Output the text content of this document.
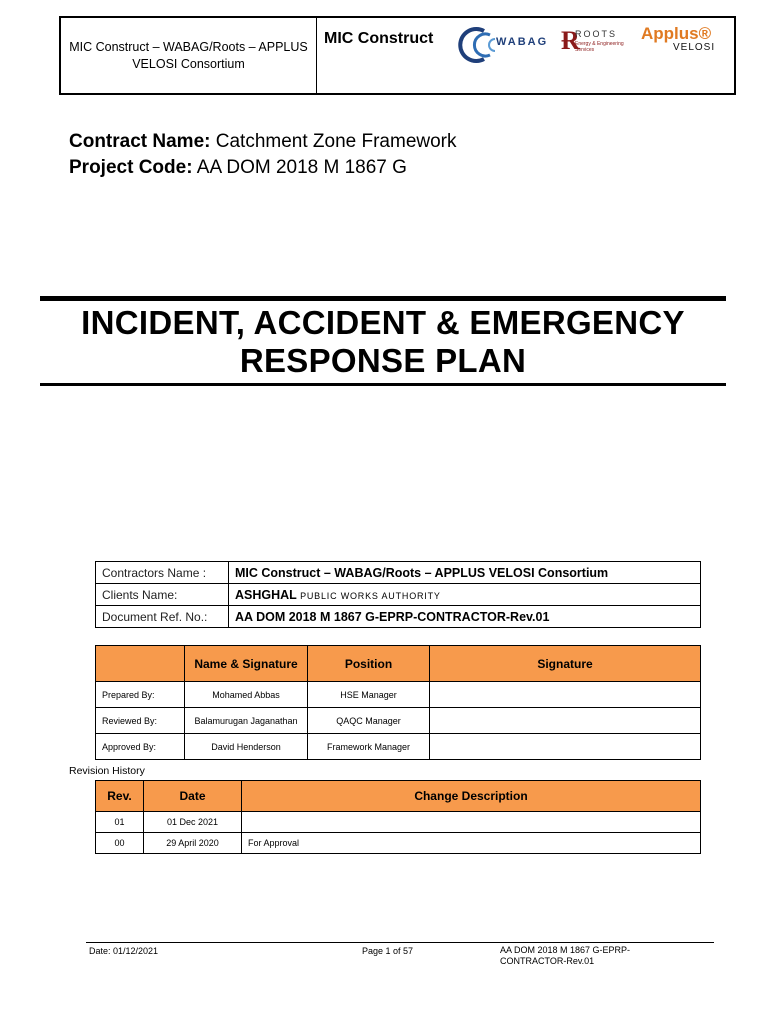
MIC Construct – WABAG/Roots – APPLUS VELOSI Consortium
MIC Construct	WABAG Ɍ
ROOTS
Energy & Engineering Services
Applus®
VELOSI
Contract Name: Catchment Zone Framework
Project Code: AA DOM 2018 M 1867 G
INCIDENT, ACCIDENT & EMERGENCY
RESPONSE PLAN
Contractors Name :	MIC Construct – WABAG/Roots – APPLUS VELOSI Consortium
Clients Name:	ASHGHAL PUBLIC WORKS AUTHORITY
Document Ref. No.:	AA DOM 2018 M 1867 G-EPRP-CONTRACTOR-Rev.01
	Name & Signature	Position	Signature
Prepared By:	Mohamed Abbas	HSE Manager	
Reviewed By:	Balamurugan Jaganathan	QAQC Manager	
Approved By:	David Henderson	Framework Manager	
Revision History
Rev.	Date	Change Description
01	01 Dec 2021	
00	29 April 2020	For Approval
Date: 01/12/2021	Page 1 of 57	AA DOM 2018 M 1867 G-EPRP-CONTRACTOR-Rev.01
